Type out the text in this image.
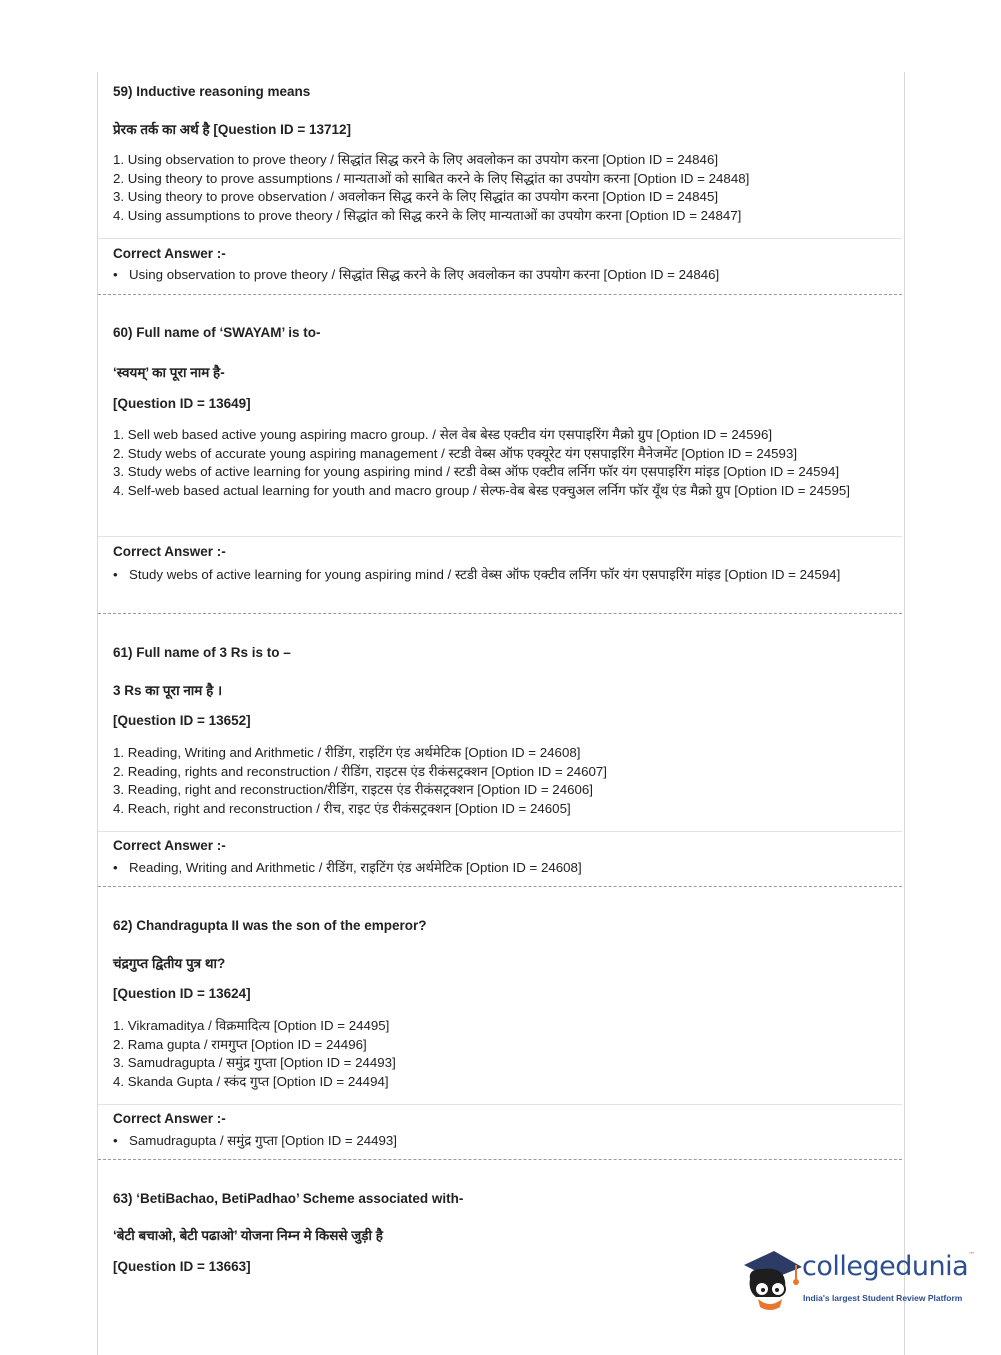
59) Inductive reasoning means
प्रेरक तर्क का अर्थ है [Question ID = 13712]
1. Using observation to prove theory / सिद्धांत सिद्ध करने के लिए अवलोकन का उपयोग करना [Option ID = 24846]
2. Using theory to prove assumptions / मान्यताओं को साबित करने के लिए सिद्धांत का उपयोग करना [Option ID = 24848]
3. Using theory to prove observation / अवलोकन सिद्ध करने के लिए सिद्धांत का उपयोग करना [Option ID = 24845]
4. Using assumptions to prove theory / सिद्धांत को सिद्ध करने के लिए मान्यताओं का उपयोग करना [Option ID = 24847]
Correct Answer :-
• Using observation to prove theory / सिद्धांत सिद्ध करने के लिए अवलोकन का उपयोग करना [Option ID = 24846]
60) Full name of ‘SWAYAM’ is to-
‘स्वयम्’ का पूरा नाम है-
[Question ID = 13649]
1. Sell web based active young aspiring macro group. / सेल वेब बेस्ड एक्टीव यंग एसपाइरिंग मैक्रो ग्रुप [Option ID = 24596]
2. Study webs of accurate young aspiring management / स्टडी वेब्स ऑफ एक्यूरेट यंग एसपाइरिंग मैनेजमेंट [Option ID = 24593]
3. Study webs of active learning for young aspiring mind / स्टडी वेब्स ऑफ एक्टीव लर्निग फॉर यंग एसपाइरिंग मांइड [Option ID = 24594]
4. Self-web based actual learning for youth and macro group / सेल्फ-वेब बेस्ड एक्चुअल लर्निग फॉर यूँथ एंड मैक्रो ग्रुप [Option ID = 24595]
Correct Answer :-
• Study webs of active learning for young aspiring mind / स्टडी वेब्स ऑफ एक्टीव लर्निग फॉर यंग एसपाइरिंग मांइड [Option ID = 24594]
61) Full name of 3 Rs is to –
3 Rs का पूरा नाम है ।
[Question ID = 13652]
1. Reading, Writing and Arithmetic / रीडिंग, राइटिंग एंड अर्थमेटिक [Option ID = 24608]
2. Reading, rights and reconstruction / रीडिंग, राइटस एंड रीकंसट्रक्शन [Option ID = 24607]
3. Reading, right and reconstruction/रीडिंग, राइटस एंड रीकंसट्रक्शन [Option ID = 24606]
4. Reach, right and reconstruction / रीच, राइट एंड रीकंसट्रक्शन [Option ID = 24605]
Correct Answer :-
• Reading, Writing and Arithmetic / रीडिंग, राइटिंग एंड अर्थमेटिक [Option ID = 24608]
62) Chandragupta II was the son of the emperor?
चंद्रगुप्त द्वितीय पुत्र था?
[Question ID = 13624]
1. Vikramaditya / विक्रमादित्य [Option ID = 24495]
2. Rama gupta / रामगुप्त [Option ID = 24496]
3. Samudragupta / समुंद्र गुप्ता [Option ID = 24493]
4. Skanda Gupta / स्कंद गुप्त [Option ID = 24494]
Correct Answer :-
• Samudragupta / समुंद्र गुप्ता [Option ID = 24493]
63) ‘BetiBachao, BetiPadhao’ Scheme associated with-
‘बेटी बचाओ, बेटी पढाओ’ योजना निम्न मे किससे जुड़ी है
[Question ID = 13663]	collegedunia™
India's largest Student Review Platform
